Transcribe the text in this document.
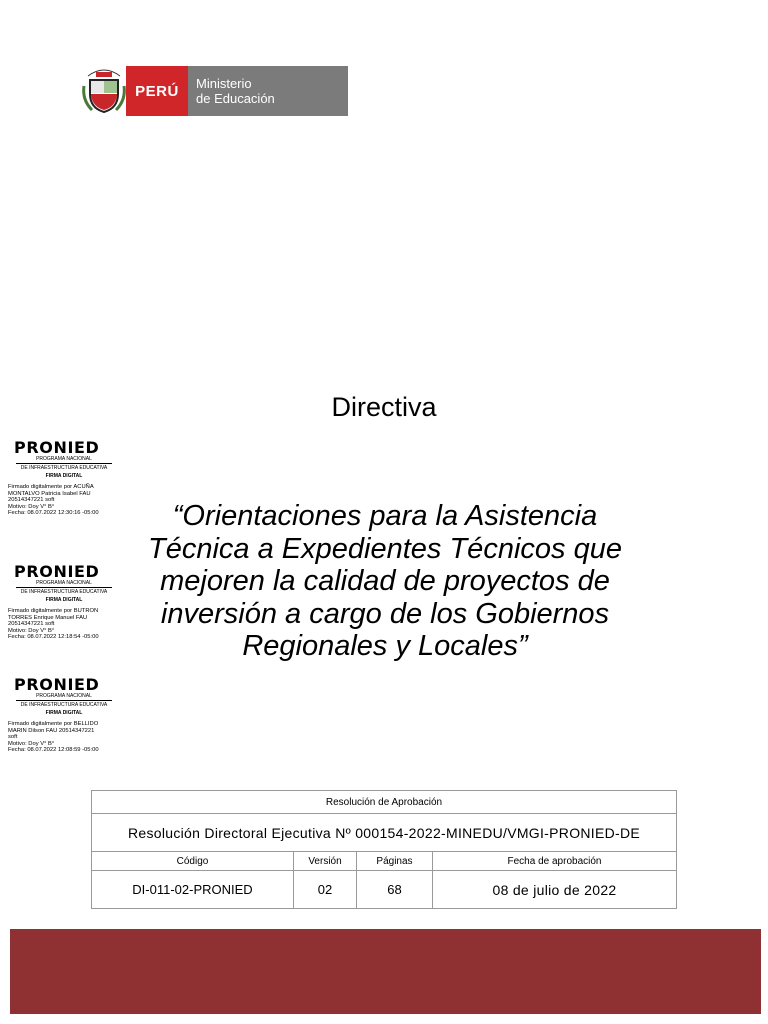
PERÚ	Ministerio
de Educación
Directiva
“Orientaciones para la Asistencia
Técnica a Expedientes Técnicos que
mejoren la calidad de proyectos de
inversión a cargo de los Gobiernos
Regionales y Locales”
PRONIED
PROGRAMA NACIONAL
DE INFRAESTRUCTURA EDUCATIVA
FIRMA DIGITAL
Firmado digitalmente por ACUÑA
MONTALVO Patricia Isabel FAU
20514347221 soft
Motivo: Doy V° B°
Fecha: 08.07.2022 12:30:16 -05:00
PRONIED
PROGRAMA NACIONAL
DE INFRAESTRUCTURA EDUCATIVA
FIRMA DIGITAL
Firmado digitalmente por BUTRON
TORRES Enrique Manuel FAU
20514347221 soft
Motivo: Doy V° B°
Fecha: 08.07.2022 12:18:54 -05:00
PRONIED
PROGRAMA NACIONAL
DE INFRAESTRUCTURA EDUCATIVA
FIRMA DIGITAL
Firmado digitalmente por BELLIDO
MARIN Dilson FAU 20514347221
soft
Motivo: Doy V° B°
Fecha: 08.07.2022 12:08:59 -05:00
Resolución de Aprobación			
Resolución Directoral Ejecutiva Nº 000154-2022-MINEDU/VMGI-PRONIED-DE			
Código	Versión	Páginas	Fecha de aprobación
DI-011-02-PRONIED	02	68	08 de julio de 2022
